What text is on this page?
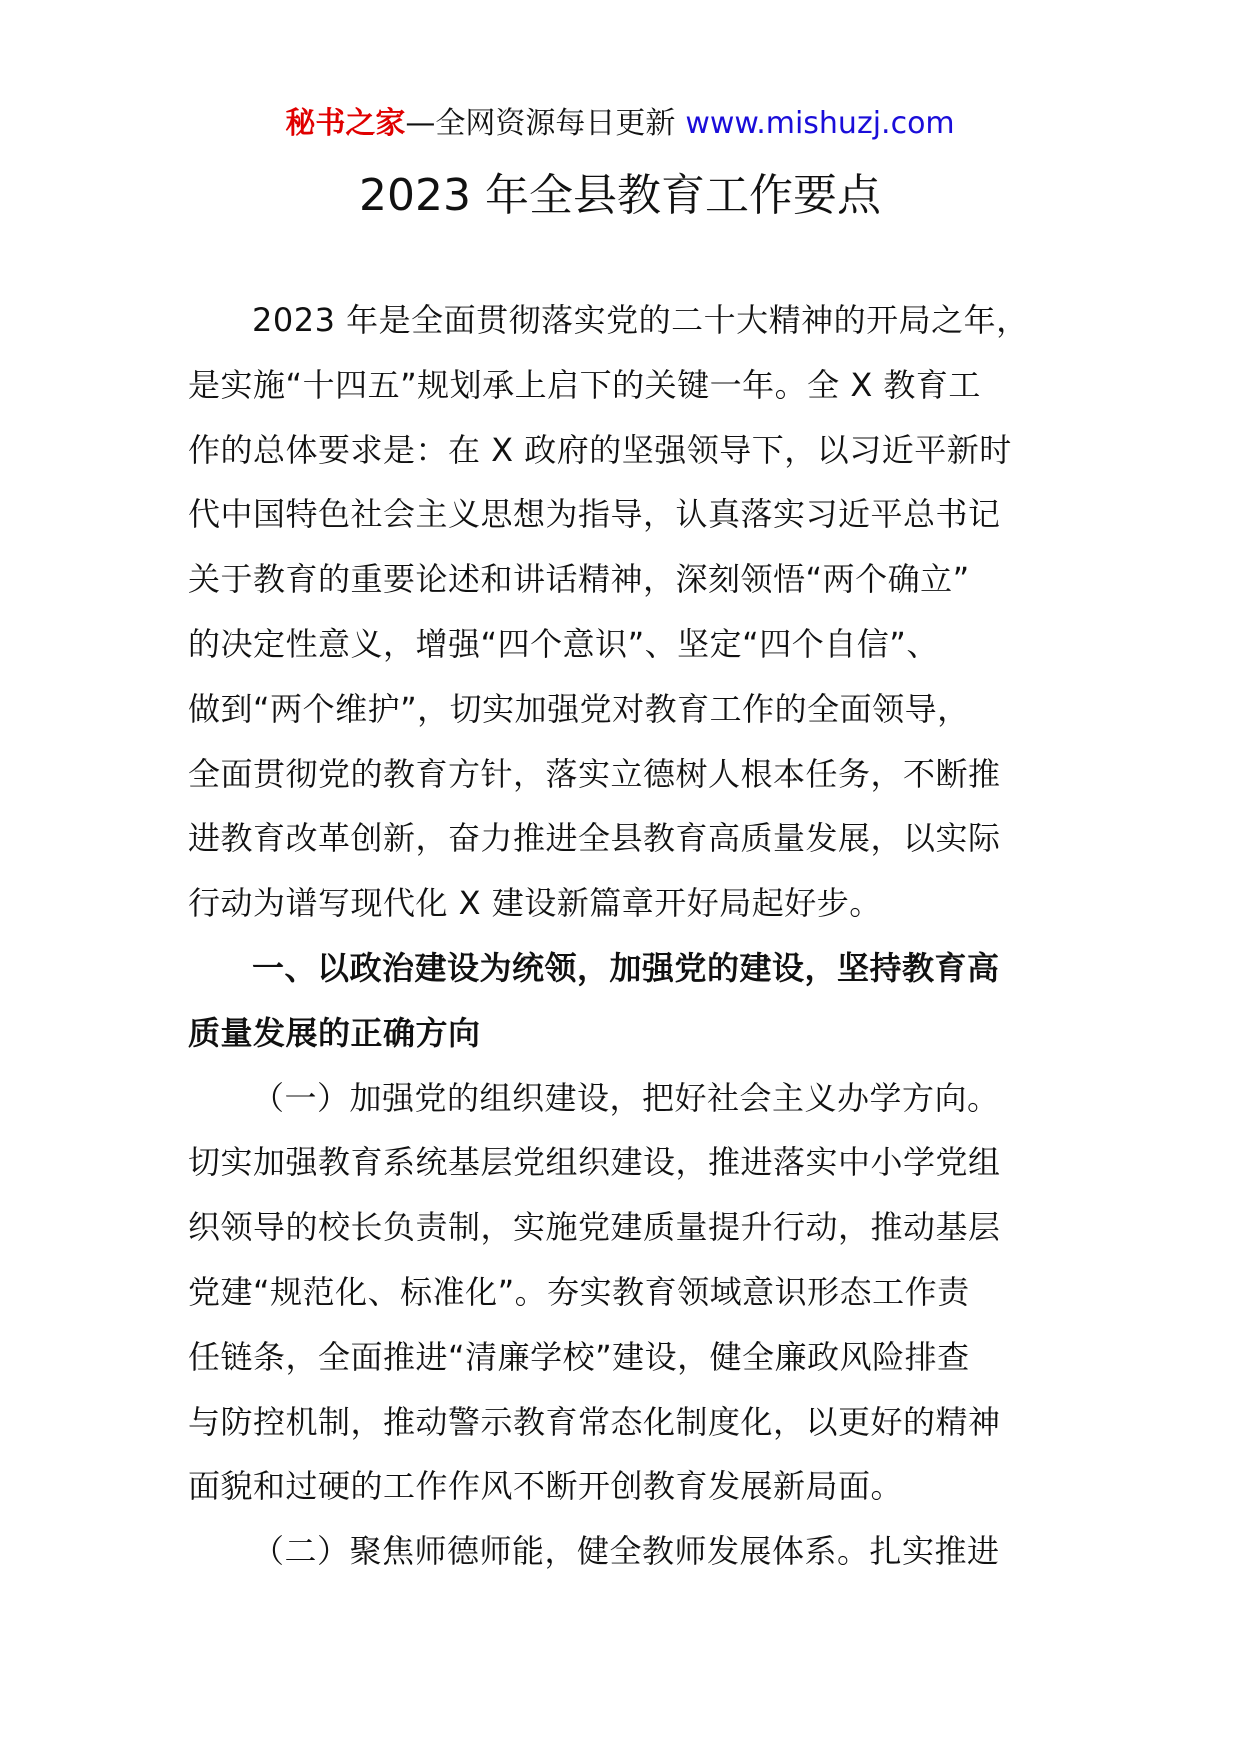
秘书之家—全网资源每日更新 www.mishuzj.com
2023 年全县教育工作要点
2023 年是全面贯彻落实党的二十大精神的开局之年，
是实施“十四五”规划承上启下的关键一年。全 X 教育工
作的总体要求是：在 X 政府的坚强领导下，以习近平新时
代中国特色社会主义思想为指导，认真落实习近平总书记
关于教育的重要论述和讲话精神，深刻领悟“两个确立”
的决定性意义，增强“四个意识”、坚定“四个自信”、
做到“两个维护”，切实加强党对教育工作的全面领导，
全面贯彻党的教育方针，落实立德树人根本任务，不断推
进教育改革创新，奋力推进全县教育高质量发展，以实际
行动为谱写现代化 X 建设新篇章开好局起好步。
一、以政治建设为统领，加强党的建设，坚持教育高
质量发展的正确方向
（一）加强党的组织建设，把好社会主义办学方向。
切实加强教育系统基层党组织建设，推进落实中小学党组
织领导的校长负责制，实施党建质量提升行动，推动基层
党建“规范化、标准化”。夯实教育领域意识形态工作责
任链条，全面推进“清廉学校”建设，健全廉政风险排查
与防控机制，推动警示教育常态化制度化，以更好的精神
面貌和过硬的工作作风不断开创教育发展新局面。
（二）聚焦师德师能，健全教师发展体系。扎实推进
